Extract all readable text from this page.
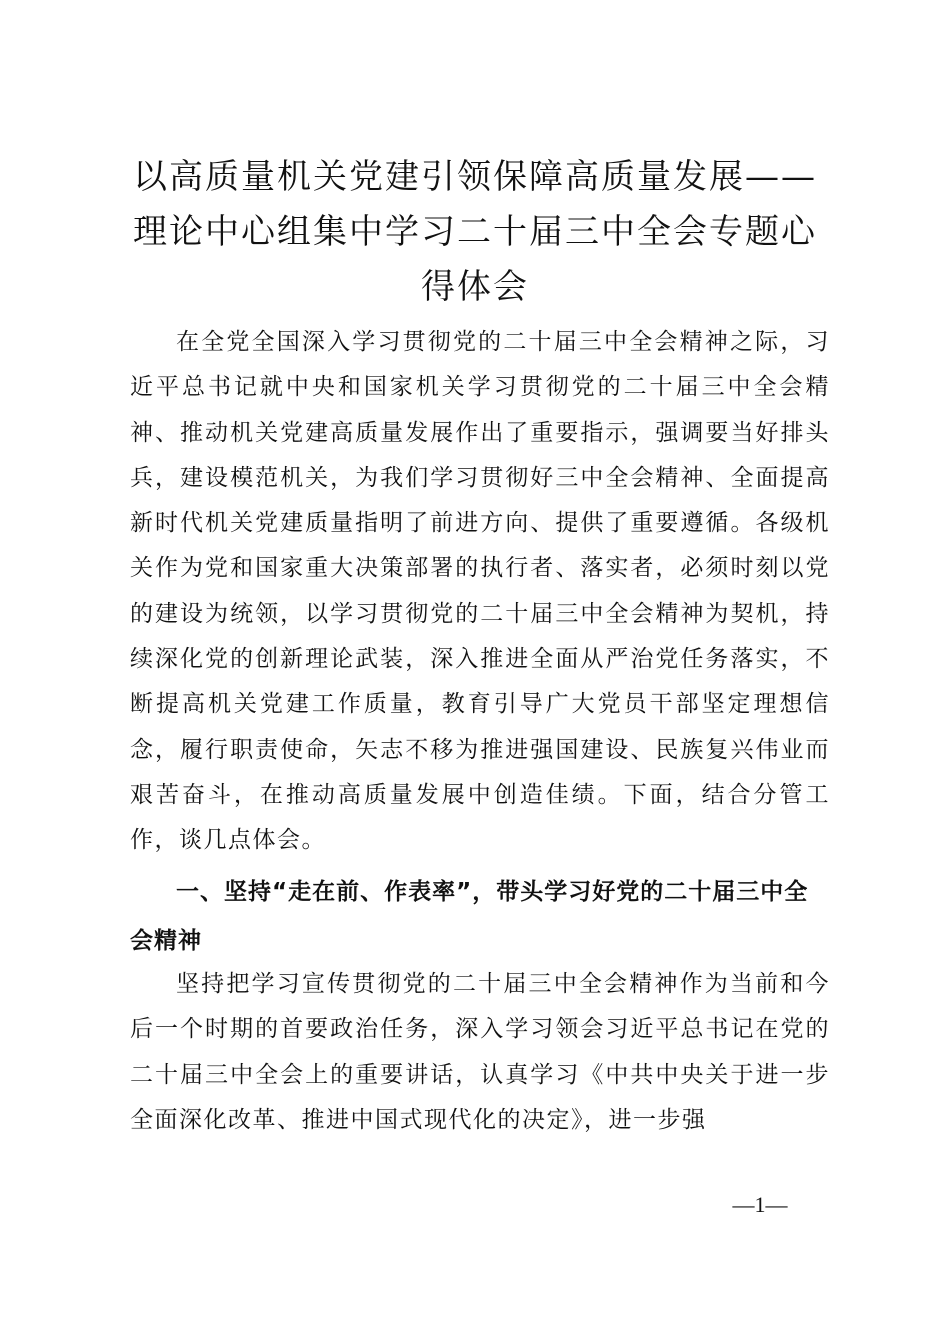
以高质量机关党建引领保障高质量发展——理论中心组集中学习二十届三中全会专题心得体会

在全党全国深入学习贯彻党的二十届三中全会精神之际，习近平总书记就中央和国家机关学习贯彻党的二十届三中全会精神、推动机关党建高质量发展作出了重要指示，强调要当好排头兵，建设模范机关，为我们学习贯彻好三中全会精神、全面提高新时代机关党建质量指明了前进方向、提供了重要遵循。各级机关作为党和国家重大决策部署的执行者、落实者，必须时刻以党的建设为统领，以学习贯彻党的二十届三中全会精神为契机，持续深化党的创新理论武装，深入推进全面从严治党任务落实，不断提高机关党建工作质量，教育引导广大党员干部坚定理想信念，履行职责使命，矢志不移为推进强国建设、民族复兴伟业而艰苦奋斗，在推动高质量发展中创造佳绩。下面，结合分管工作，谈几点体会。

一、坚持“走在前、作表率”，带头学习好党的二十届三中全会精神

坚持把学习宣传贯彻党的二十届三中全会精神作为当前和今后一个时期的首要政治任务，深入学习领会习近平总书记在党的二十届三中全会上的重要讲话，认真学习《中共中央关于进一步全面深化改革、推进中国式现代化的决定》，进一步强

—1—
